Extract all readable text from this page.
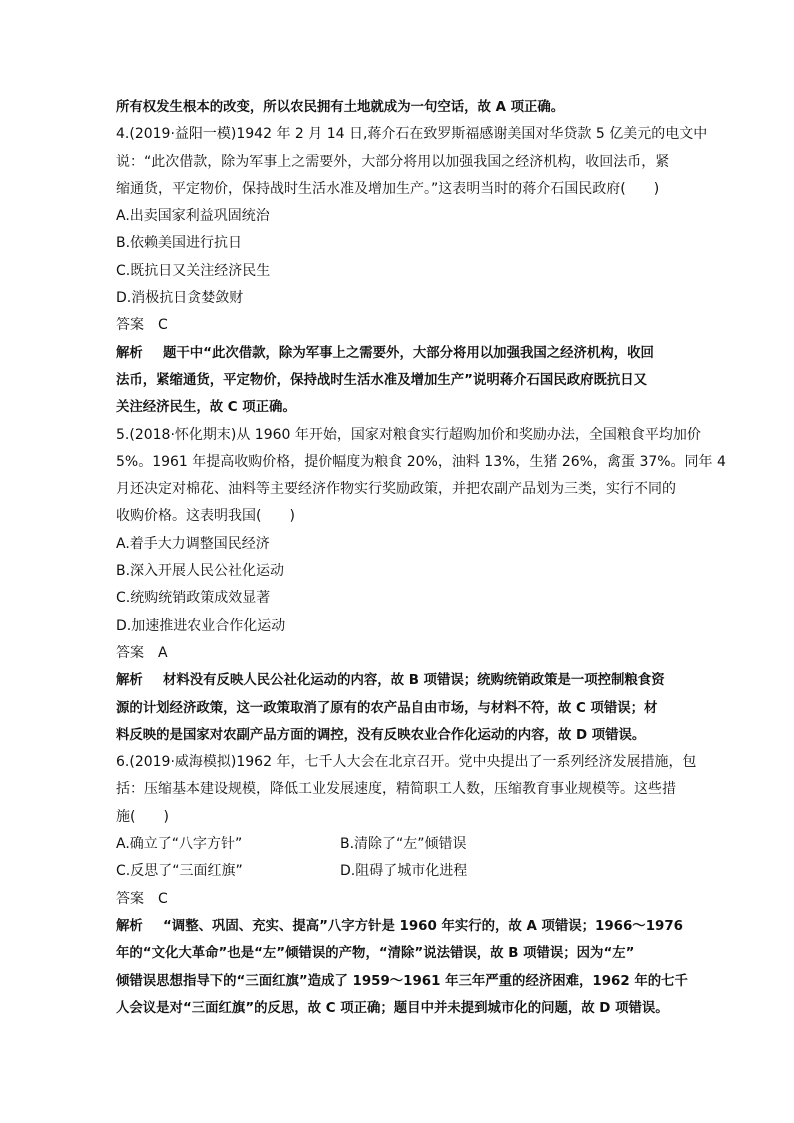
所有权发生根本的改变，所以农民拥有土地就成为一句空话，故 A 项正确。
4.(2019·益阳一模)1942 年 2 月 14 日,蒋介石在致罗斯福感谢美国对华贷款 5 亿美元的电文中
说：“此次借款，除为军事上之需要外，大部分将用以加强我国之经济机构，收回法币，紧
缩通货，平定物价，保持战时生活水准及增加生产。”这表明当时的蒋介石国民政府(　　)
A.出卖国家利益巩固统治
B.依赖美国进行抗日
C.既抗日又关注经济民生
D.消极抗日贪婪敛财
答案 C
解析 题干中“此次借款，除为军事上之需要外，大部分将用以加强我国之经济机构，收回
法币，紧缩通货，平定物价，保持战时生活水准及增加生产”说明蒋介石国民政府既抗日又
关注经济民生，故 C 项正确。
5.(2018·怀化期末)从 1960 年开始，国家对粮食实行超购加价和奖励办法，全国粮食平均加价
5%。1961 年提高收购价格，提价幅度为粮食 20%，油料 13%，生猪 26%，禽蛋 37%。同年 4
月还决定对棉花、油料等主要经济作物实行奖励政策，并把农副产品划为三类，实行不同的
收购价格。这表明我国(　　)
A.着手大力调整国民经济
B.深入开展人民公社化运动
C.统购统销政策成效显著
D.加速推进农业合作化运动
答案 A
解析 材料没有反映人民公社化运动的内容，故 B 项错误；统购统销政策是一项控制粮食资
源的计划经济政策，这一政策取消了原有的农产品自由市场，与材料不符，故 C 项错误；材
料反映的是国家对农副产品方面的调控，没有反映农业合作化运动的内容，故 D 项错误。
6.(2019·威海模拟)1962 年，七千人大会在北京召开。党中央提出了一系列经济发展措施，包
括：压缩基本建设规模，降低工业发展速度，精简职工人数，压缩教育事业规模等。这些措
施(　　)
A.确立了“八字方针”	B.清除了“左”倾错误
C.反思了“三面红旗”	D.阻碍了城市化进程
答案 C
解析 “调整、巩固、充实、提高”八字方针是 1960 年实行的，故 A 项错误；1966～1976
年的“文化大革命”也是“左”倾错误的产物，“清除”说法错误，故 B 项错误；因为“左”
倾错误思想指导下的“三面红旗”造成了 1959～1961 年三年严重的经济困难，1962 年的七千
人会议是对“三面红旗”的反思，故 C 项正确；题目中并未提到城市化的问题，故 D 项错误。
